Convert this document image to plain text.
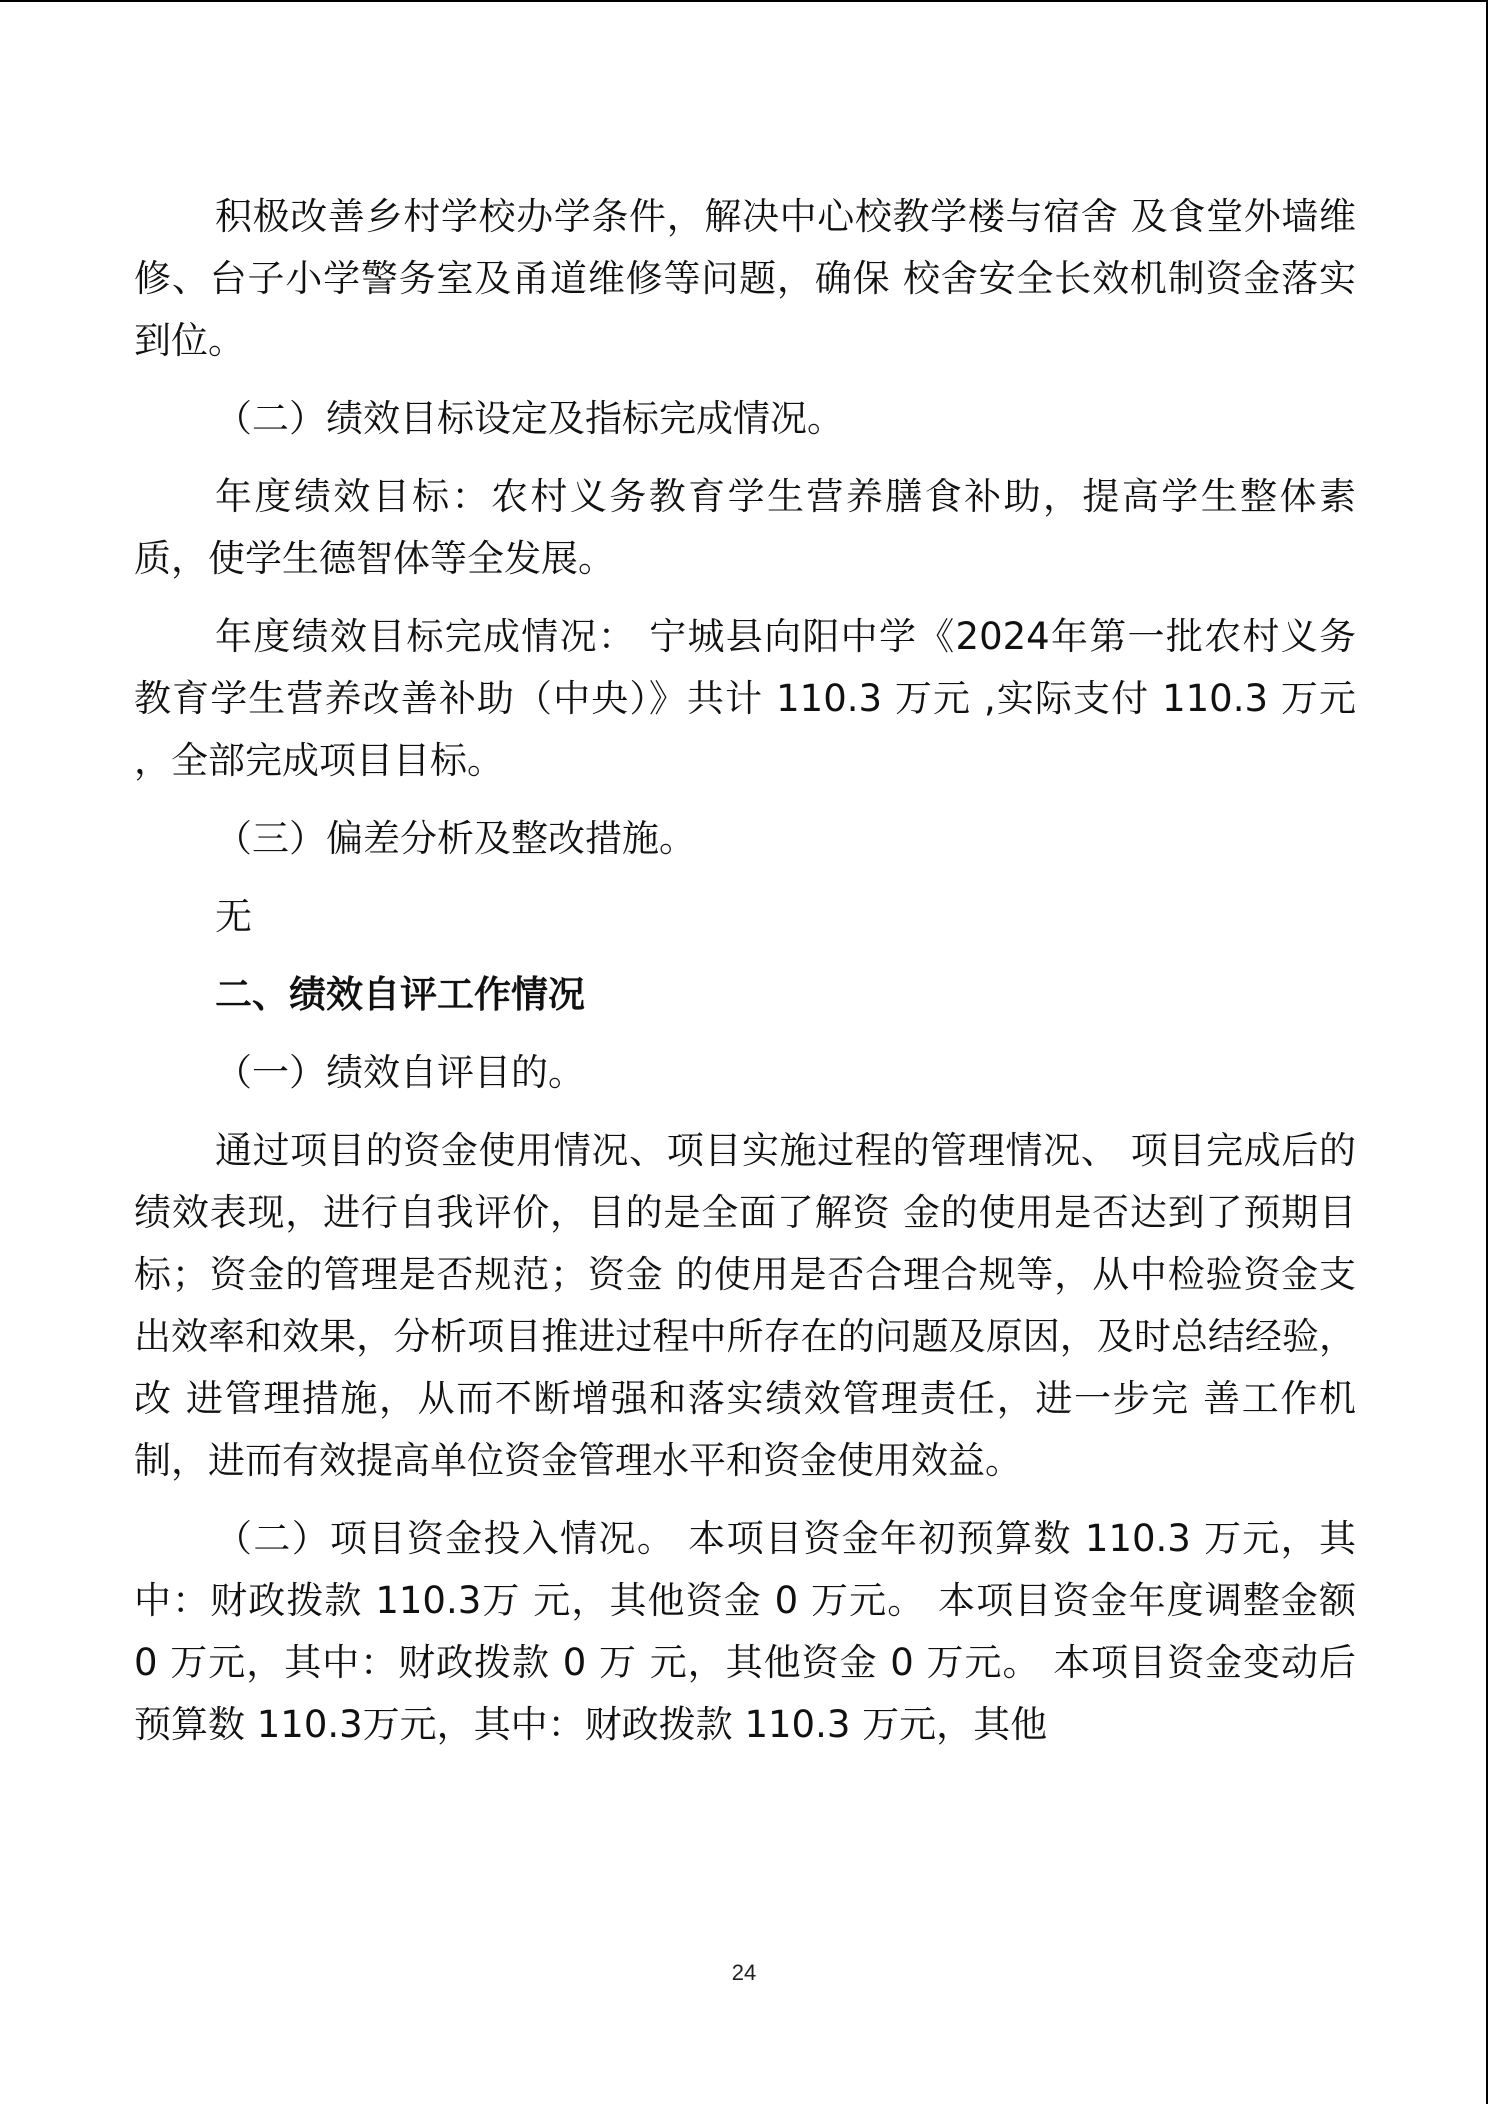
积极改善乡村学校办学条件，解决中心校教学楼与宿舍 及食堂外墙维修、台子小学警务室及甬道维修等问题，确保 校舍安全长效机制资金落实到位。

（二）绩效目标设定及指标完成情况。

年度绩效目标：农村义务教育学生营养膳食补助，提高学生整体素质，使学生德智体等全发展。

年度绩效目标完成情况： 宁城县向阳中学《2024年第一批农村义务教育学生营养改善补助（中央）》共计 110.3 万元 ,实际支付 110.3 万元 ，全部完成项目目标。

（三）偏差分析及整改措施。

无

二、绩效自评工作情况

（一）绩效自评目的。

通过项目的资金使用情况、项目实施过程的管理情况、 项目完成后的绩效表现，进行自我评价，目的是全面了解资 金的使用是否达到了预期目标；资金的管理是否规范；资金 的使用是否合理合规等，从中检验资金支出效率和效果，分析项目推进过程中所存在的问题及原因，及时总结经验，改 进管理措施，从而不断增强和落实绩效管理责任，进一步完 善工作机制，进而有效提高单位资金管理水平和资金使用效益。

（二）项目资金投入情况。 本项目资金年初预算数 110.3 万元，其中：财政拨款 110.3万 元，其他资金 0 万元。 本项目资金年度调整金额 0 万元，其中：财政拨款 0 万 元，其他资金 0 万元。 本项目资金变动后预算数 110.3万元，其中：财政拨款 110.3 万元，其他

24
